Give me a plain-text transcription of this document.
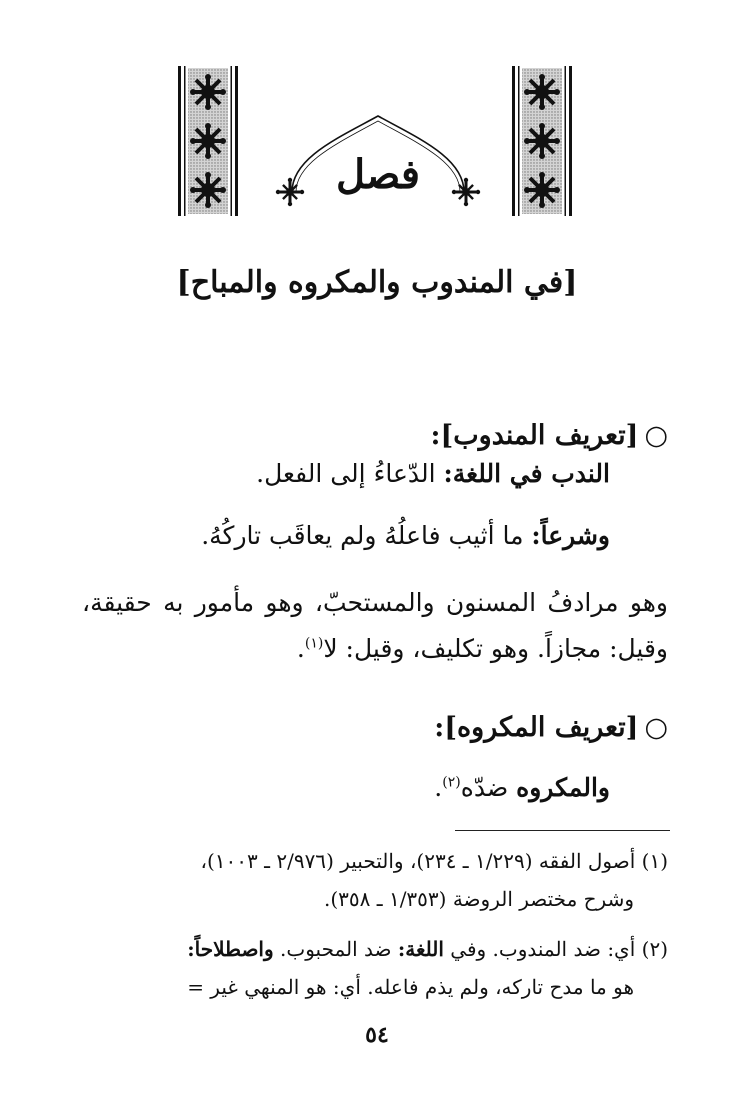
فصل
[في المندوب والمكروه والمباح]
○[تعريف المندوب]:
الندب في اللغة: الدّعاءُ إلى الفعل.
وشرعاً: ما أثيب فاعلُهُ ولم يعاقَب تاركُهُ.
وهو مرادفُ المسنون والمستحبّ، وهو مأمور به حقيقة، وقيل: مجازاً. وهو تكليف، وقيل: لا$^{(١)}$.
○[تعريف المكروه]:
والمكروه ضدّه$^{(٢)}$.
(١) أصول الفقه (١/٢٢٩ ـ ٢٣٤)، والتحبير (٢/٩٧٦ ـ ١٠٠٣)،
وشرح مختصر الروضة (١/٣٥٣ ـ ٣٥٨).
(٢) أي: ضد المندوب. وفي اللغة: ضد المحبوب. واصطلاحاً:
هو ما مدح تاركه، ولم يذم فاعله. أي: هو المنهي غير =
٥٤
